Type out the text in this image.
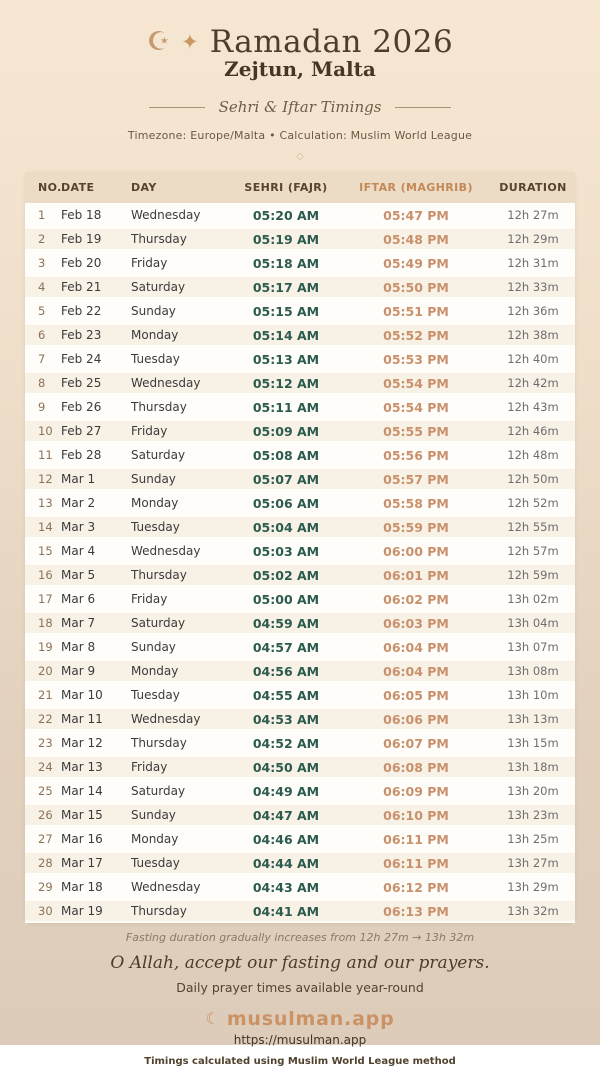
☪ ✦ Ramadan 2026
Zejtun, Malta
Sehri & Iftar Timings
Timezone: Europe/Malta • Calculation: Muslim World League
◇
NO.	DATE	DAY	SEHRI (FAJR)	IFTAR (MAGHRIB)	DURATION
1	Feb 18	Wednesday	05:20 AM	05:47 PM	12h 27m
2	Feb 19	Thursday	05:19 AM	05:48 PM	12h 29m
3	Feb 20	Friday	05:18 AM	05:49 PM	12h 31m
4	Feb 21	Saturday	05:17 AM	05:50 PM	12h 33m
5	Feb 22	Sunday	05:15 AM	05:51 PM	12h 36m
6	Feb 23	Monday	05:14 AM	05:52 PM	12h 38m
7	Feb 24	Tuesday	05:13 AM	05:53 PM	12h 40m
8	Feb 25	Wednesday	05:12 AM	05:54 PM	12h 42m
9	Feb 26	Thursday	05:11 AM	05:54 PM	12h 43m
10	Feb 27	Friday	05:09 AM	05:55 PM	12h 46m
11	Feb 28	Saturday	05:08 AM	05:56 PM	12h 48m
12	Mar 1	Sunday	05:07 AM	05:57 PM	12h 50m
13	Mar 2	Monday	05:06 AM	05:58 PM	12h 52m
14	Mar 3	Tuesday	05:04 AM	05:59 PM	12h 55m
15	Mar 4	Wednesday	05:03 AM	06:00 PM	12h 57m
16	Mar 5	Thursday	05:02 AM	06:01 PM	12h 59m
17	Mar 6	Friday	05:00 AM	06:02 PM	13h 02m
18	Mar 7	Saturday	04:59 AM	06:03 PM	13h 04m
19	Mar 8	Sunday	04:57 AM	06:04 PM	13h 07m
20	Mar 9	Monday	04:56 AM	06:04 PM	13h 08m
21	Mar 10	Tuesday	04:55 AM	06:05 PM	13h 10m
22	Mar 11	Wednesday	04:53 AM	06:06 PM	13h 13m
23	Mar 12	Thursday	04:52 AM	06:07 PM	13h 15m
24	Mar 13	Friday	04:50 AM	06:08 PM	13h 18m
25	Mar 14	Saturday	04:49 AM	06:09 PM	13h 20m
26	Mar 15	Sunday	04:47 AM	06:10 PM	13h 23m
27	Mar 16	Monday	04:46 AM	06:11 PM	13h 25m
28	Mar 17	Tuesday	04:44 AM	06:11 PM	13h 27m
29	Mar 18	Wednesday	04:43 AM	06:12 PM	13h 29m
30	Mar 19	Thursday	04:41 AM	06:13 PM	13h 32m
Fasting duration gradually increases from 12h 27m → 13h 32m
O Allah, accept our fasting and our prayers.
Daily prayer times available year-round
☾ musulman.app
https://musulman.app
Timings calculated using Muslim World League method
